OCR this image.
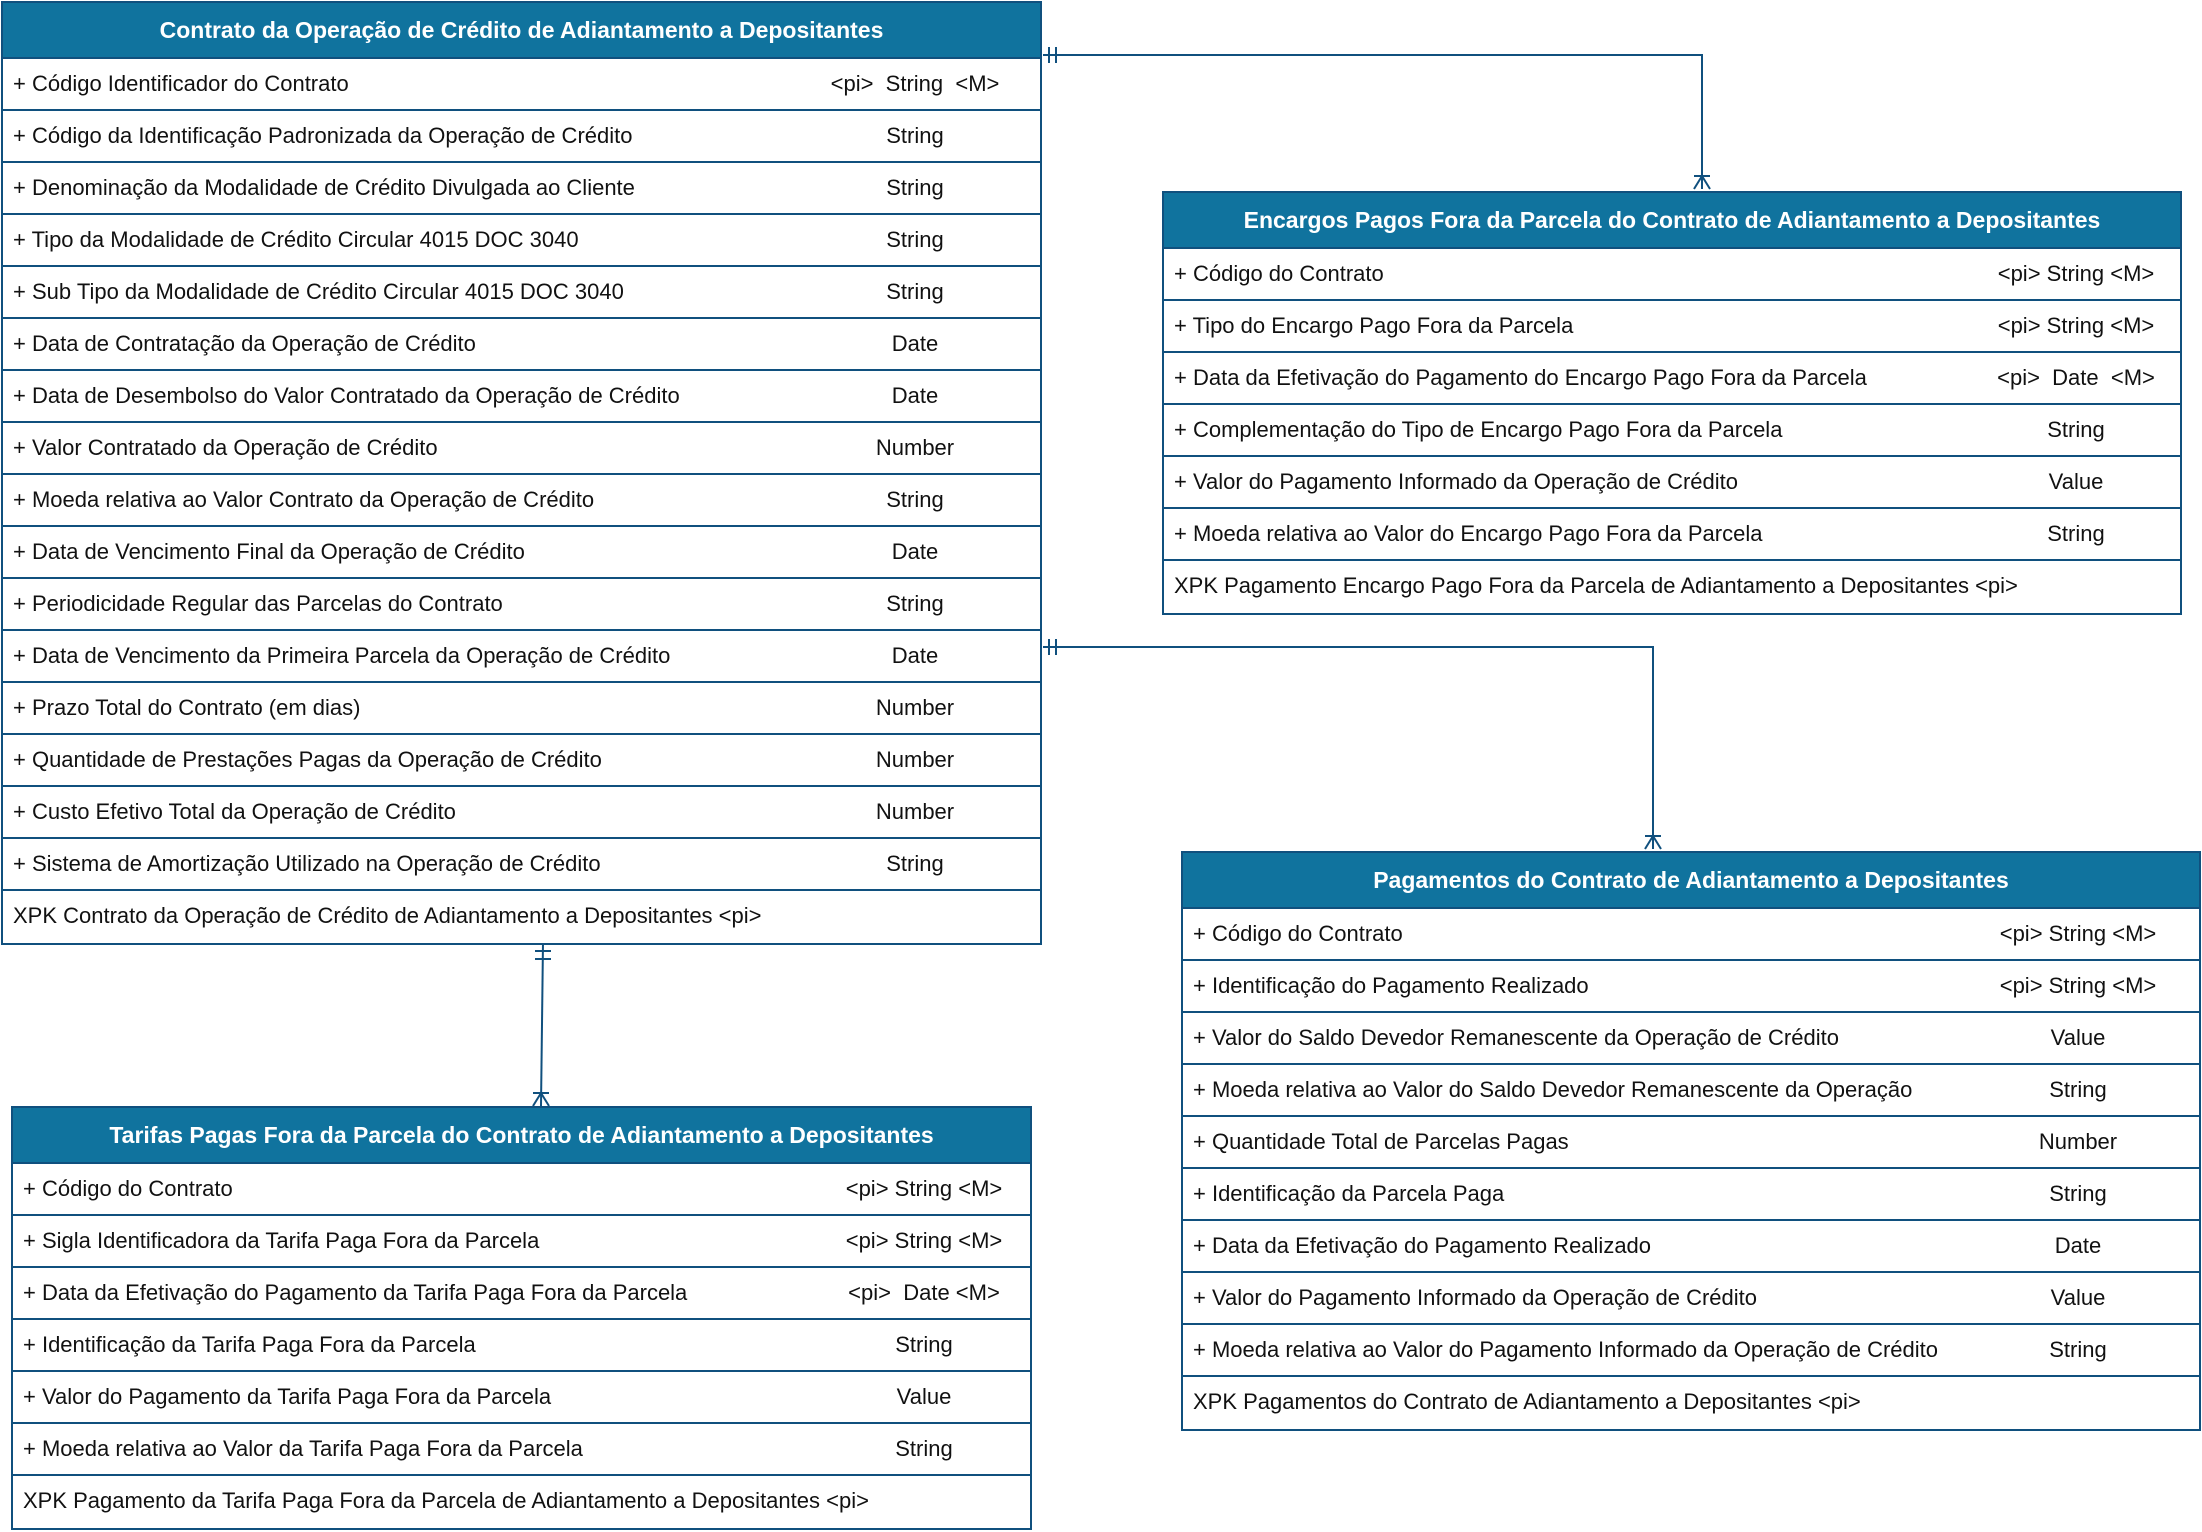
Contrato da Operação de Crédito de Adiantamento a Depositantes
+ Código Identificador do Contrato	<pi>  String  <M>
+ Código da Identificação Padronizada da Operação de Crédito	String
+ Denominação da Modalidade de Crédito Divulgada ao Cliente	String
+ Tipo da Modalidade de Crédito Circular 4015 DOC 3040	String
+ Sub Tipo da Modalidade de Crédito Circular 4015 DOC 3040	String
+ Data de Contratação da Operação de Crédito	Date
+ Data de Desembolso do Valor Contratado da Operação de Crédito	Date
+ Valor Contratado da Operação de Crédito	Number
+ Moeda relativa ao Valor Contrato da Operação de Crédito	String
+ Data de Vencimento Final da Operação de Crédito	Date
+ Periodicidade Regular das Parcelas do Contrato	String
+ Data de Vencimento da Primeira Parcela da Operação de Crédito	Date
+ Prazo Total do Contrato (em dias)	Number
+ Quantidade de Prestações Pagas da Operação de Crédito	Number
+ Custo Efetivo Total da Operação de Crédito	Number
+ Sistema de Amortização Utilizado na Operação de Crédito	String
XPK Contrato da Operação de Crédito de Adiantamento a Depositantes <pi>
Encargos Pagos Fora da Parcela do Contrato de Adiantamento a Depositantes
+ Código do Contrato	<pi> String <M>
+ Tipo do Encargo Pago Fora da Parcela	<pi> String <M>
+ Data da Efetivação do Pagamento do Encargo Pago Fora da Parcela	<pi>  Date  <M>
+ Complementação do Tipo de Encargo Pago Fora da Parcela	String
+ Valor do Pagamento Informado da Operação de Crédito	Value
+ Moeda relativa ao Valor do Encargo Pago Fora da Parcela	String
XPK Pagamento Encargo Pago Fora da Parcela de Adiantamento a Depositantes <pi>
Pagamentos do Contrato de Adiantamento a Depositantes
+ Código do Contrato	<pi> String <M>
+ Identificação do Pagamento Realizado	<pi> String <M>
+ Valor do Saldo Devedor Remanescente da Operação de Crédito	Value
+ Moeda relativa ao Valor do Saldo Devedor Remanescente da Operação	String
+ Quantidade Total de Parcelas Pagas	Number
+ Identificação da Parcela Paga	String
+ Data da Efetivação do Pagamento Realizado	Date
+ Valor do Pagamento Informado da Operação de Crédito	Value
+ Moeda relativa ao Valor do Pagamento Informado da Operação de Crédito	String
XPK Pagamentos do Contrato de Adiantamento a Depositantes <pi>
Tarifas Pagas Fora da Parcela do Contrato de Adiantamento a Depositantes
+ Código do Contrato	<pi> String <M>
+ Sigla Identificadora da Tarifa Paga Fora da Parcela	<pi> String <M>
+ Data da Efetivação do Pagamento da Tarifa Paga Fora da Parcela	<pi>  Date <M>
+ Identificação da Tarifa Paga Fora da Parcela	String
+ Valor do Pagamento da Tarifa Paga Fora da Parcela	Value
+ Moeda relativa ao Valor da Tarifa Paga Fora da Parcela	String
XPK Pagamento da Tarifa Paga Fora da Parcela de Adiantamento a Depositantes <pi>
